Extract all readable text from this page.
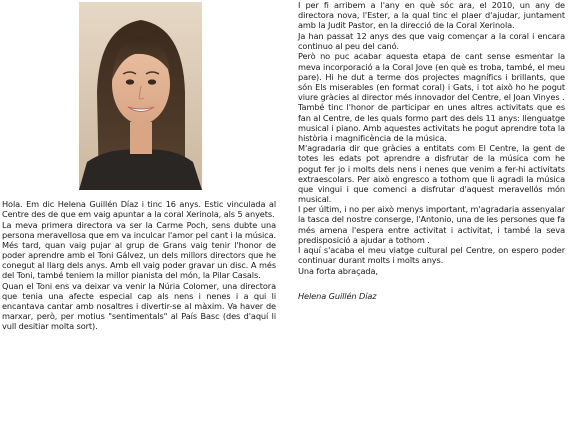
Hola. Em dic Helena Guillén Díaz i tinc 16 anys. Estic vinculada al Centre des de que em vaig apuntar a la coral Xerinola, als 5 anyets.

La meva primera directora va ser la Carme Poch, sens dubte una persona meravellosa que em va inculcar l'amor pel cant i la música. Més tard, quan vaig pujar al grup de Grans vaig tenir l'honor de poder aprendre amb el Toni Gálvez, un dels millors directors que he conegut al llarg dels anys. Amb ell vaig poder gravar un disc. A més del Toni, també teniem la millor pianista del món, la Pilar Casals.

Quan el Toni ens va deixar va venir la Núria Colomer, una directora que tenia una afecte especial cap als nens i nenes i a qui li encantava cantar amb nosaltres i divertir-se al màxim. Va haver de marxar, però, per motius "sentimentals" al País Basc (des d'aquí li vull desitiar molta sort).

I per fi arribem a l'any en què sóc ara, el 2010, un any de directora nova, l'Ester, a la qual tinc el plaer d'ajudar, juntament amb la Judit Pastor, en la direcció de la Coral Xerinola.

Ja han passat 12 anys des que vaig començar a la coral i encara continuo al peu del canó.

Però no puc acabar aquesta etapa de cant sense esmentar la meva incorporació a la Coral Jove (en què es troba, també, el meu pare). Hi he dut a terme dos projectes magnífics i brillants, que són Els miserables (en format coral) i Gats, i tot això ho he pogut viure gràcies al director més innovador del Centre, el Joan Vinyes .

També tinc l'honor de participar en unes altres activitats que es fan al Centre, de les quals formo part des dels 11 anys: llenguatge musical i piano. Amb aquestes activitats he pogut aprendre tota la història i magnificència de la música.

M'agradaria dir que gràcies a entitats com El Centre, la gent de totes les edats pot aprendre a disfrutar de la música com he pogut fer jo i molts dels nens i nenes que venim a fer-hi activitats extraescolars. Per això engresco a tothom que li agradi la música que vingui i que comenci a disfrutar d'aquest meravellós món musical.

I per últim, i no per això menys important, m'agradaria assenyalar la tasca del nostre conserge, l'Antonio, una de les persones que fa més amena l'espera entre activitat i activitat, i també la seva predisposició a ajudar a tothom .

I aquí s'acaba el meu viatge cultural pel Centre, on espero poder continuar durant molts i molts anys.

Una forta abraçada,

Helena Guillén Díaz
